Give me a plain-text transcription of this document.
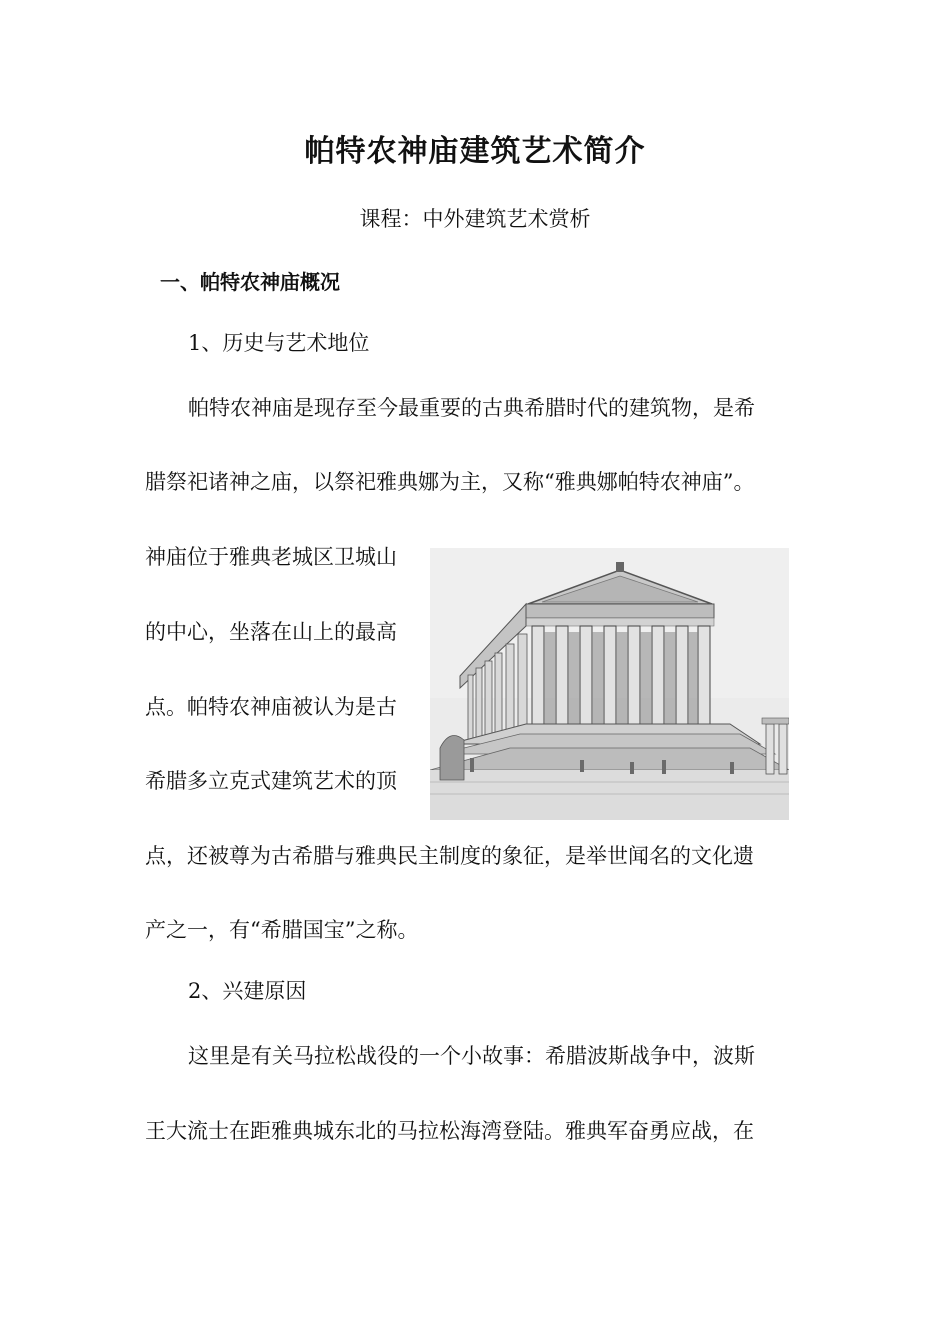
帕特农神庙建筑艺术简介
课程：中外建筑艺术赏析
一、帕特农神庙概况
1、历史与艺术地位
帕特农神庙是现存至今最重要的古典希腊时代的建筑物，是希
腊祭祀诸神之庙，以祭祀雅典娜为主，又称“雅典娜帕特农神庙”。
神庙位于雅典老城区卫城山
的中心，坐落在山上的最高
点。帕特农神庙被认为是古
希腊多立克式建筑艺术的顶
点，还被尊为古希腊与雅典民主制度的象征，是举世闻名的文化遗
产之一，有“希腊国宝”之称。
2、兴建原因
这里是有关马拉松战役的一个小故事：希腊波斯战争中，波斯
王大流士在距雅典城东北的马拉松海湾登陆。雅典军奋勇应战，在
